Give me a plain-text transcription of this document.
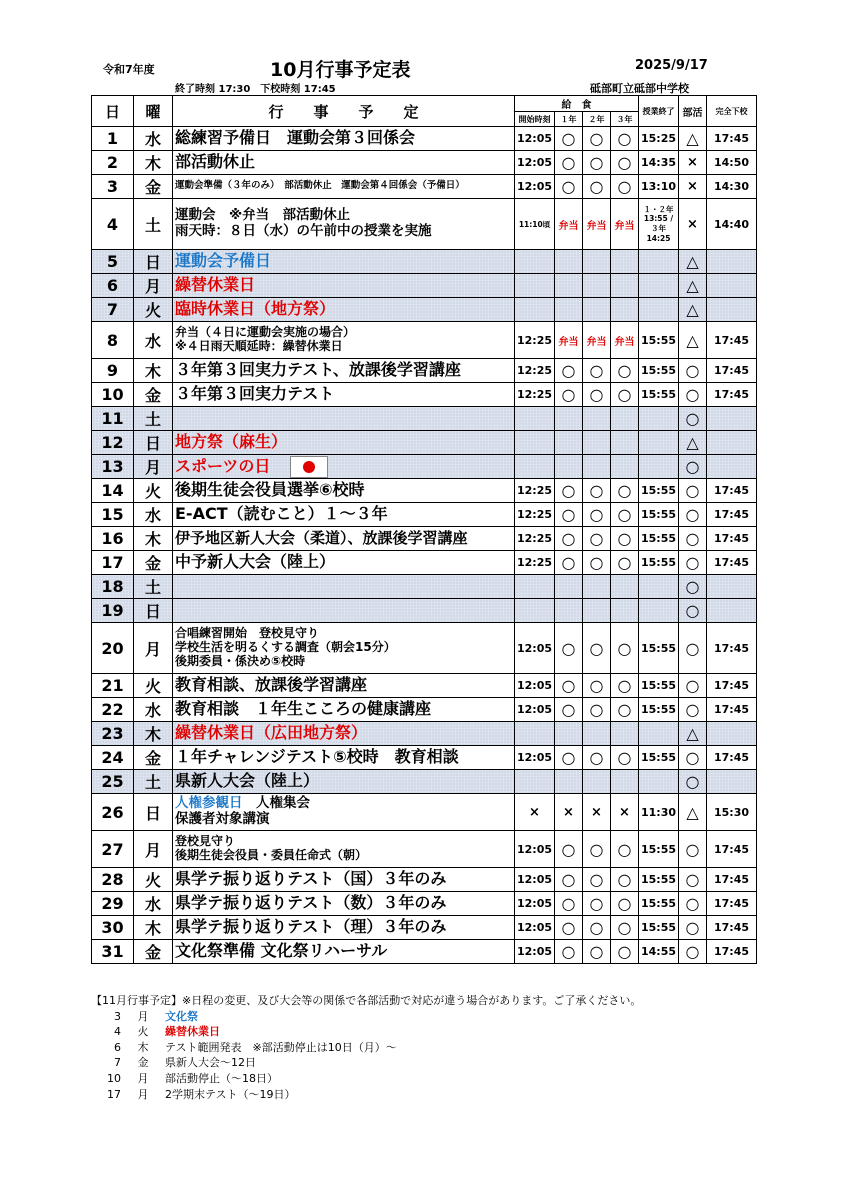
令和7年度	10月行事予定表	2025/9/17
終了時刻 17:30　下校時刻 17:45	砥部町立砥部中学校
日	曜	行　　事　　予　　定	給　食				授業終了	部活	完全下校
			開始時刻	１年	２年	３年			
1	水	総練習予備日　運動会第３回係会	12:05	○	○	○	15:25	△	17:45
2	木	部活動休止	12:05	○	○	○	14:35	×	14:50
3	金	運動会準備（３年のみ）　部活動休止　運動会第４回係会（予備日）	12:05	○	○	○	13:10	×	14:30
4	土	運動会　※弁当　部活動休止
雨天時：８日（水）の午前中の授業を実施	11:10頃	弁当	弁当	弁当	１・２年 13:55 / ３年 14:25	×	14:40
5	日	運動会予備日						△	
6	月	繰替休業日						△	
7	火	臨時休業日（地方祭）						△	
8	水	弁当（４日に運動会実施の場合）
※４日雨天順延時：繰替休業日	12:25	弁当	弁当	弁当	15:55	△	17:45
9	木	３年第３回実力テスト、放課後学習講座	12:25	○	○	○	15:55	○	17:45
10	金	３年第３回実力テスト	12:25	○	○	○	15:55	○	17:45
11	土							○	
12	日	地方祭（麻生）						△	
13	月	スポーツの日						○	
14	火	後期生徒会役員選挙⑥校時	12:25	○	○	○	15:55	○	17:45
15	水	E-ACT（読むこと）１～３年	12:25	○	○	○	15:55	○	17:45
16	木	伊予地区新人大会（柔道）、放課後学習講座	12:25	○	○	○	15:55	○	17:45
17	金	中予新人大会（陸上）	12:25	○	○	○	15:55	○	17:45
18	土							○	
19	日							○	
20	月	合唱練習開始　登校見守り
学校生活を明るくする調査（朝会15分）
後期委員・係決め⑤校時	12:05	○	○	○	15:55	○	17:45
21	火	教育相談、放課後学習講座	12:05	○	○	○	15:55	○	17:45
22	水	教育相談　１年生こころの健康講座	12:05	○	○	○	15:55	○	17:45
23	木	繰替休業日（広田地方祭）						△	
24	金	１年チャレンジテスト⑤校時　教育相談	12:05	○	○	○	15:55	○	17:45
25	土	県新人大会（陸上）						○	
26	日	人権参観日　人権集会
保護者対象講演	×	×	×	×	11:30	△	15:30
27	月	登校見守り
後期生徒会役員・委員任命式（朝）	12:05	○	○	○	15:55	○	17:45
28	火	県学テ振り返りテスト（国）３年のみ	12:05	○	○	○	15:55	○	17:45
29	水	県学テ振り返りテスト（数）３年のみ	12:05	○	○	○	15:55	○	17:45
30	木	県学テ振り返りテスト（理）３年のみ	12:05	○	○	○	15:55	○	17:45
31	金	文化祭準備 文化祭リハーサル	12:05	○	○	○	14:55	○	17:45
【11月行事予定】※日程の変更、及び大会等の関係で各部活動で対応が違う場合があります。ご了承ください。
3 月 文化祭
4 火 繰替休業日
6 木 テスト範囲発表　※部活動停止は10日（月）～
7 金 県新人大会～12日
10 月 部活動停止（～18日）
17 月 2学期末テスト（～19日）
